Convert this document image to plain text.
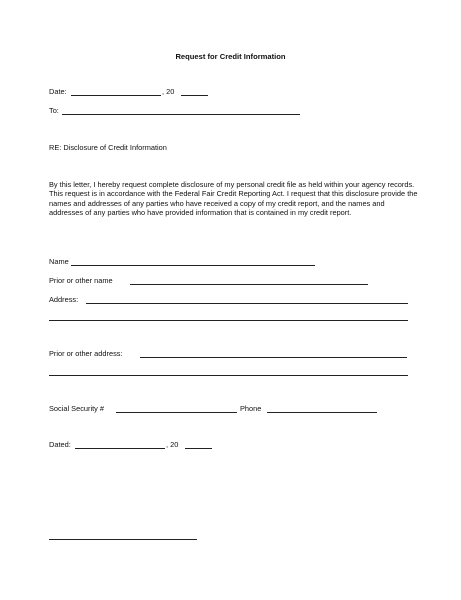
Request for Credit Information
Date:	, 20
To:
RE: Disclosure of Credit Information
By this letter, I hereby request complete disclosure of my personal credit file as held within your agency records. This request is in accordance with the Federal Fair Credit Reporting Act. I request that this disclosure provide the names and addresses of any parties who have received a copy of my credit report, and the names and addresses of any parties who have provided information that is contained in my credit report.
Name
Prior or other name
Address:
Prior or other address:
Social Security #	Phone
Dated:	, 20
